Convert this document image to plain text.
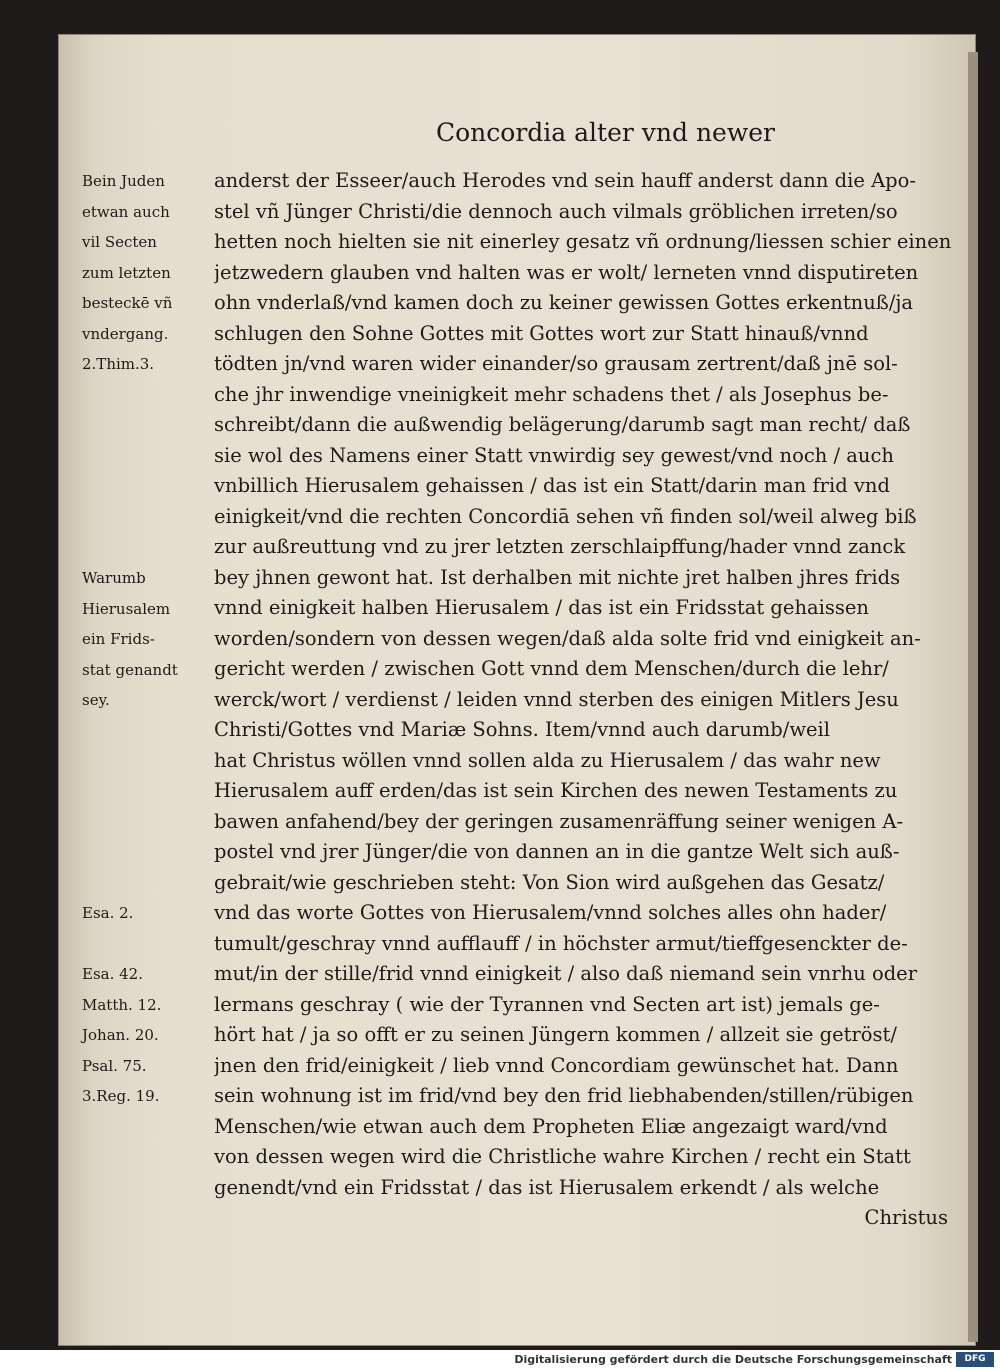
Concordia alter vnd newer
Bein Juden
etwan auch
vil Secten
zum letzten
besteckē vñ
vndergang.
2.Thim.3.
Warumb
Hierusalem
ein Frids-
stat genandt
sey.
Esa. 2.
Esa. 42.
Matth. 12.
Johan. 20.
Psal. 75.
3.Reg. 19.
anderst der Esseer/auch Herodes vnd sein hauff anderst dann die Apo-
stel vñ Jünger Christi/die dennoch auch vilmals gröblichen irreten/so
hetten noch hielten sie nit einerley gesatz vñ ordnung/liessen schier einen
jetzwedern glauben vnd halten was er wolt/ lerneten vnnd disputireten
ohn vnderlaß/vnd kamen doch zu keiner gewissen Gottes erkentnuß/ja
schlugen den Sohne Gottes mit Gottes wort zur Statt hinauß/vnnd
tödten jn/vnd waren wider einander/so grausam zertrent/daß jnē sol-
che jhr inwendige vneinigkeit mehr schadens thet / als Josephus be-
schreibt/dann die außwendig belägerung/darumb sagt man recht/ daß
sie wol des Namens einer Statt vnwirdig sey gewest/vnd noch / auch
vnbillich Hierusalem gehaissen / das ist ein Statt/darin man frid vnd
einigkeit/vnd die rechten Concordiā sehen vñ finden sol/weil alweg biß
zur außreuttung vnd zu jrer letzten zerschlaipffung/hader vnnd zanck
bey jhnen gewont hat. Ist derhalben mit nichte jret halben jhres frids
vnnd einigkeit halben Hierusalem / das ist ein Fridsstat gehaissen
worden/sondern von dessen wegen/daß alda solte frid vnd einigkeit an-
gericht werden / zwischen Gott vnnd dem Menschen/durch die lehr/
werck/wort / verdienst / leiden vnnd sterben des einigen Mitlers Jesu
Christi/Gottes vnd Mariæ Sohns. Item/vnnd auch darumb/weil
hat Christus wöllen vnnd sollen alda zu Hierusalem / das wahr new
Hierusalem auff erden/das ist sein Kirchen des newen Testaments zu
bawen anfahend/bey der geringen zusamenräffung seiner wenigen A-
postel vnd jrer Jünger/die von dannen an in die gantze Welt sich auß-
gebrait/wie geschrieben steht: Von Sion wird außgehen das Gesatz/
vnd das worte Gottes von Hierusalem/vnnd solches alles ohn hader/
tumult/geschray vnnd aufflauff / in höchster armut/tieffgesenckter de-
mut/in der stille/frid vnnd einigkeit / also daß niemand sein vnrhu oder
lermans geschray ( wie der Tyrannen vnd Secten art ist) jemals ge-
hört hat / ja so offt er zu seinen Jüngern kommen / allzeit sie getröst/
jnen den frid/einigkeit / lieb vnnd Concordiam gewünschet hat. Dann
sein wohnung ist im frid/vnd bey den frid liebhabenden/stillen/rübigen
Menschen/wie etwan auch dem Propheten Eliæ angezaigt ward/vnd
von dessen wegen wird die Christliche wahre Kirchen / recht ein Statt
genendt/vnd ein Fridsstat / das ist Hierusalem erkendt / als welche
Christus
Digitalisierung gefördert durch die Deutsche Forschungsgemeinschaft	DFG
